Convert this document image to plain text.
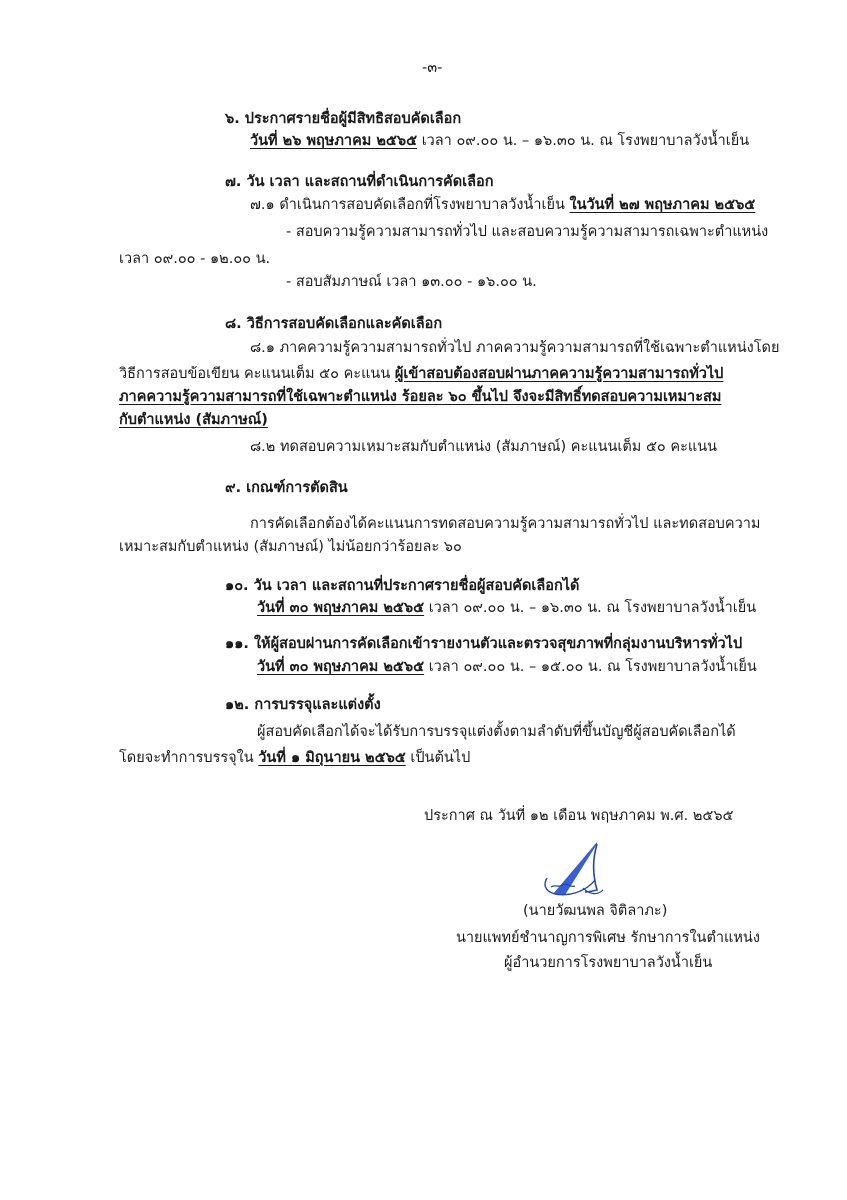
-๓-
๖. ประกาศรายชื่อผู้มีสิทธิสอบคัดเลือก
วันที่ ๒๖ พฤษภาคม ๒๕๖๕ เวลา ๐๙.๐๐ น. – ๑๖.๓๐ น. ณ โรงพยาบาลวังน้ำเย็น
๗. วัน เวลา และสถานที่ดำเนินการคัดเลือก
๗.๑ ดำเนินการสอบคัดเลือกที่โรงพยาบาลวังน้ำเย็น ในวันที่ ๒๗ พฤษภาคม ๒๕๖๕
- สอบความรู้ความสามารถทั่วไป และสอบความรู้ความสามารถเฉพาะตำแหน่ง
เวลา ๐๙.๐๐ - ๑๒.๐๐ น.
- สอบสัมภาษณ์ เวลา ๑๓.๐๐ - ๑๖.๐๐ น.
๘. วิธีการสอบคัดเลือกและคัดเลือก
๘.๑ ภาคความรู้ความสามารถทั่วไป ภาคความรู้ความสามารถที่ใช้เฉพาะตำแหน่งโดย
วิธีการสอบข้อเขียน คะแนนเต็ม ๕๐ คะแนน ผู้เข้าสอบต้องสอบผ่านภาคความรู้ความสามารถทั่วไป
ภาคความรู้ความสามารถที่ใช้เฉพาะตำแหน่ง ร้อยละ ๖๐ ขึ้นไป จึงจะมีสิทธิ์ทดสอบความเหมาะสม
กับตำแหน่ง (สัมภาษณ์)
๘.๒ ทดสอบความเหมาะสมกับตำแหน่ง (สัมภาษณ์) คะแนนเต็ม ๕๐ คะแนน
๙. เกณฑ์การตัดสิน
การคัดเลือกต้องได้คะแนนการทดสอบความรู้ความสามารถทั่วไป และทดสอบความ
เหมาะสมกับตำแหน่ง (สัมภาษณ์) ไม่น้อยกว่าร้อยละ ๖๐
๑๐. วัน เวลา และสถานที่ประกาศรายชื่อผู้สอบคัดเลือกได้
วันที่ ๓๐ พฤษภาคม ๒๕๖๕ เวลา ๐๙.๐๐ น. – ๑๖.๓๐ น. ณ โรงพยาบาลวังน้ำเย็น
๑๑. ให้ผู้สอบผ่านการคัดเลือกเข้ารายงานตัวและตรวจสุขภาพที่กลุ่มงานบริหารทั่วไป
วันที่ ๓๐ พฤษภาคม ๒๕๖๕ เวลา ๐๙.๐๐ น. – ๑๕.๐๐ น. ณ โรงพยาบาลวังน้ำเย็น
๑๒. การบรรจุและแต่งตั้ง
ผู้สอบคัดเลือกได้จะได้รับการบรรจุแต่งตั้งตามลำดับที่ขึ้นบัญชีผู้สอบคัดเลือกได้
โดยจะทำการบรรจุใน วันที่ ๑ มิถุนายน ๒๕๖๕ เป็นต้นไป
ประกาศ ณ วันที่ ๑๒ เดือน พฤษภาคม พ.ศ. ๒๕๖๕
(นายวัฒนพล จิติลาภะ)
นายแพทย์ชำนาญการพิเศษ รักษาการในตำแหน่ง
ผู้อำนวยการโรงพยาบาลวังน้ำเย็น
